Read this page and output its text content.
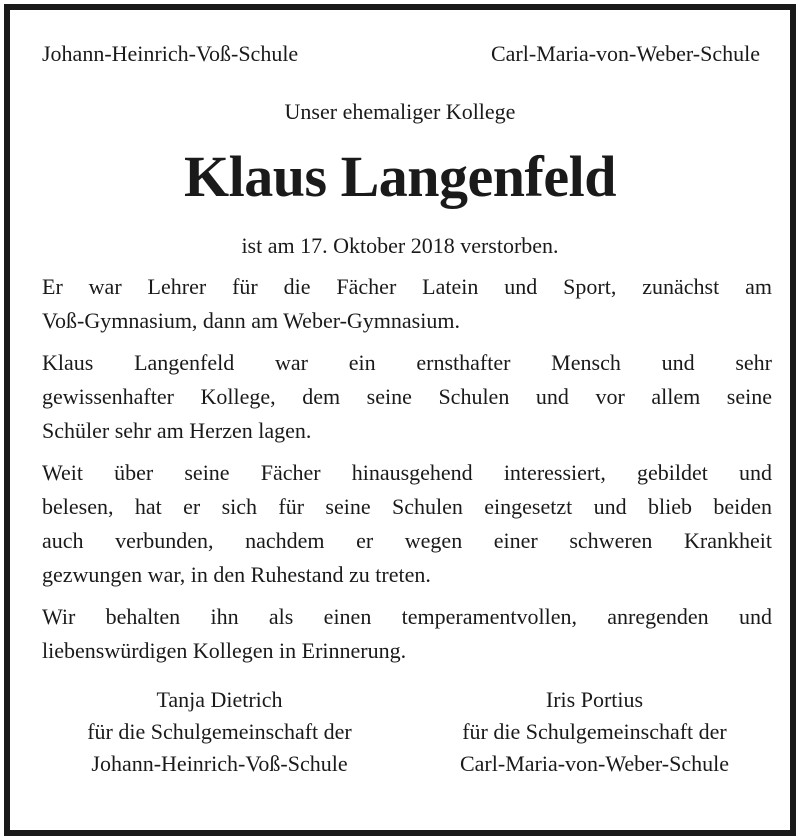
Johann-Heinrich-Voß-Schule	Carl-Maria-von-Weber-Schule
Unser ehemaliger Kollege
Klaus Langenfeld
ist am 17. Oktober 2018 verstorben.

Er war Lehrer für die Fächer Latein und Sport, zunächst am
Voß-Gymnasium, dann am Weber-Gymnasium.

Klaus Langenfeld war ein ernsthafter Mensch und sehr
gewissenhafter Kollege, dem seine Schulen und vor allem seine
Schüler sehr am Herzen lagen.

Weit über seine Fächer hinausgehend interessiert, gebildet und
belesen, hat er sich für seine Schulen eingesetzt und blieb beiden
auch verbunden, nachdem er wegen einer schweren Krankheit
gezwungen war, in den Ruhestand zu treten.

Wir behalten ihn als einen temperamentvollen, anregenden und
liebenswürdigen Kollegen in Erinnerung.

Tanja Dietrich
für die Schulgemeinschaft der
Johann-Heinrich-Voß-Schule
Iris Portius
für die Schulgemeinschaft der
Carl-Maria-von-Weber-Schule
